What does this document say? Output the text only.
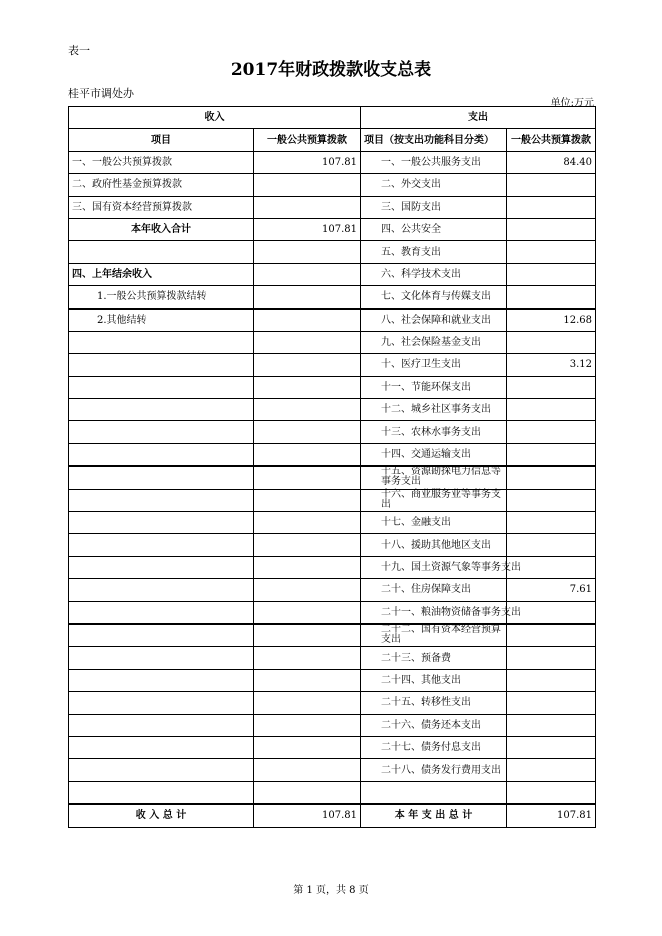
表一
2017年财政拨款收支总表
桂平市调处办
单位:万元
收入		支出	
项目	一般公共预算拨款	项目（按支出功能科目分类）	一般公共预算拨款
一、一般公共预算拨款	107.81	一、一般公共服务支出	84.40
二、政府性基金预算拨款		二、外交支出	
三、国有资本经营预算拨款		三、国防支出	
本年收入合计	107.81	四、公共安全	
		五、教育支出	
四、上年结余收入		六、科学技术支出	
1.一般公共预算拨款结转		七、文化体育与传媒支出	
2.其他结转		八、社会保障和就业支出	12.68
		九、社会保险基金支出	
		十、医疗卫生支出	3.12
		十一、节能环保支出	
		十二、城乡社区事务支出	
		十三、农林水事务支出	
		十四、交通运输支出	
		十五、资源勘探电力信息等事务支出	
		十六、商业服务业等事务支出	
		十七、金融支出	
		十八、援助其他地区支出	
		十九、国土资源气象等事务支出	
		二十、住房保障支出	7.61
		二十一、粮油物资储备事务支出	
		二十二、国有资本经营预算支出	
		二十三、预备费	
		二十四、其他支出	
		二十五、转移性支出	
		二十六、债务还本支出	
		二十七、债务付息支出	
		二十八、债务发行费用支出	

收 入 总 计	107.81	本 年 支 出 总 计	107.81
第 1 页，共 8 页
